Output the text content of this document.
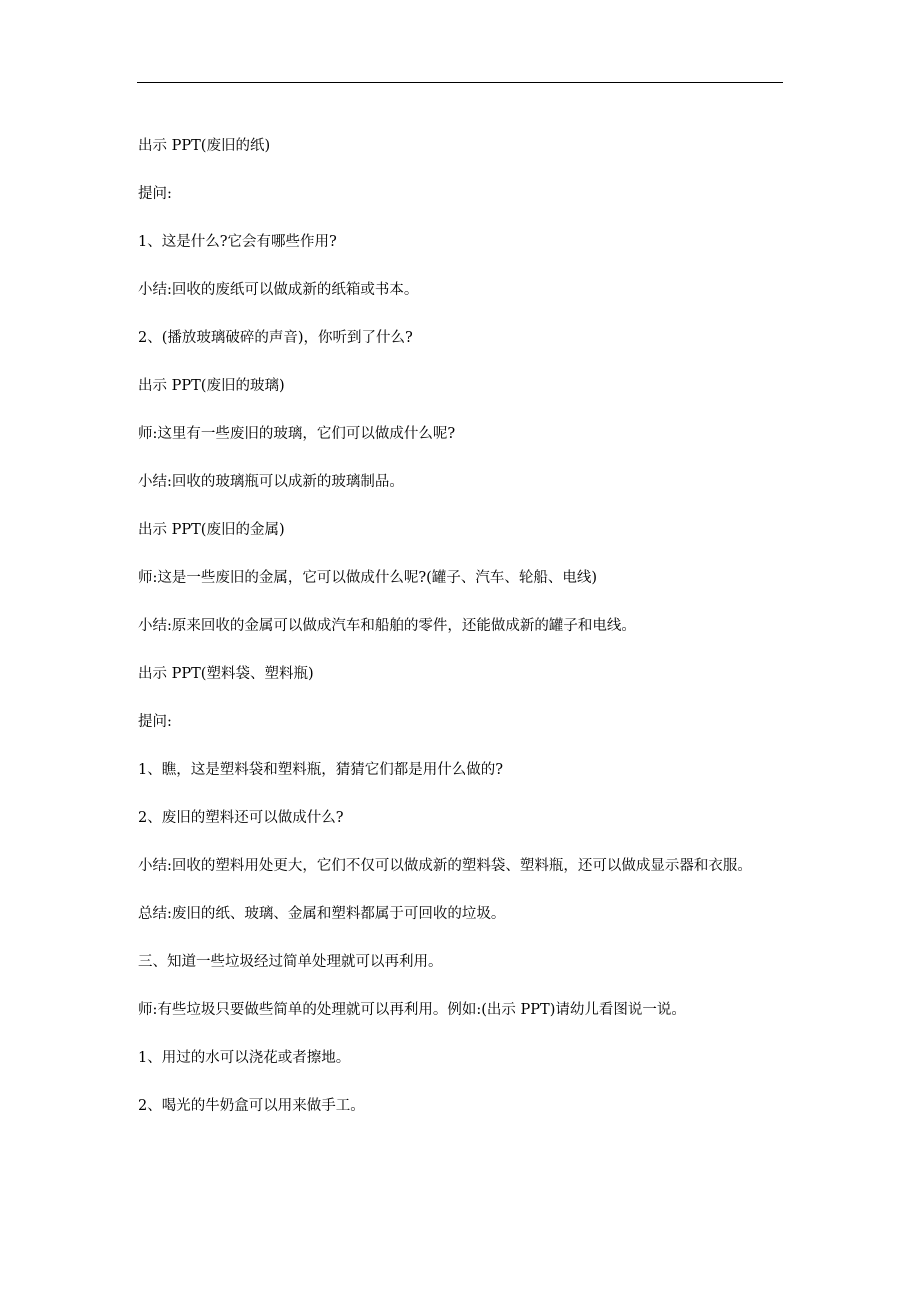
出示 PPT(废旧的纸)

提问:

1、这是什么?它会有哪些作用?

小结:回收的废纸可以做成新的纸箱或书本。

2、(播放玻璃破碎的声音)，你听到了什么?

出示 PPT(废旧的玻璃)

师:这里有一些废旧的玻璃，它们可以做成什么呢?

小结:回收的玻璃瓶可以成新的玻璃制品。

出示 PPT(废旧的金属)

师:这是一些废旧的金属，它可以做成什么呢?(罐子、汽车、轮船、电线)

小结:原来回收的金属可以做成汽车和船舶的零件，还能做成新的罐子和电线。

出示 PPT(塑料袋、塑料瓶)

提问:

1、瞧，这是塑料袋和塑料瓶，猜猜它们都是用什么做的?

2、废旧的塑料还可以做成什么?

小结:回收的塑料用处更大，它们不仅可以做成新的塑料袋、塑料瓶，还可以做成显示器和衣服。

总结:废旧的纸、玻璃、金属和塑料都属于可回收的垃圾。

三、知道一些垃圾经过简单处理就可以再利用。

师:有些垃圾只要做些简单的处理就可以再利用。例如:(出示 PPT)请幼儿看图说一说。

1、用过的水可以浇花或者擦地。

2、喝光的牛奶盒可以用来做手工。
